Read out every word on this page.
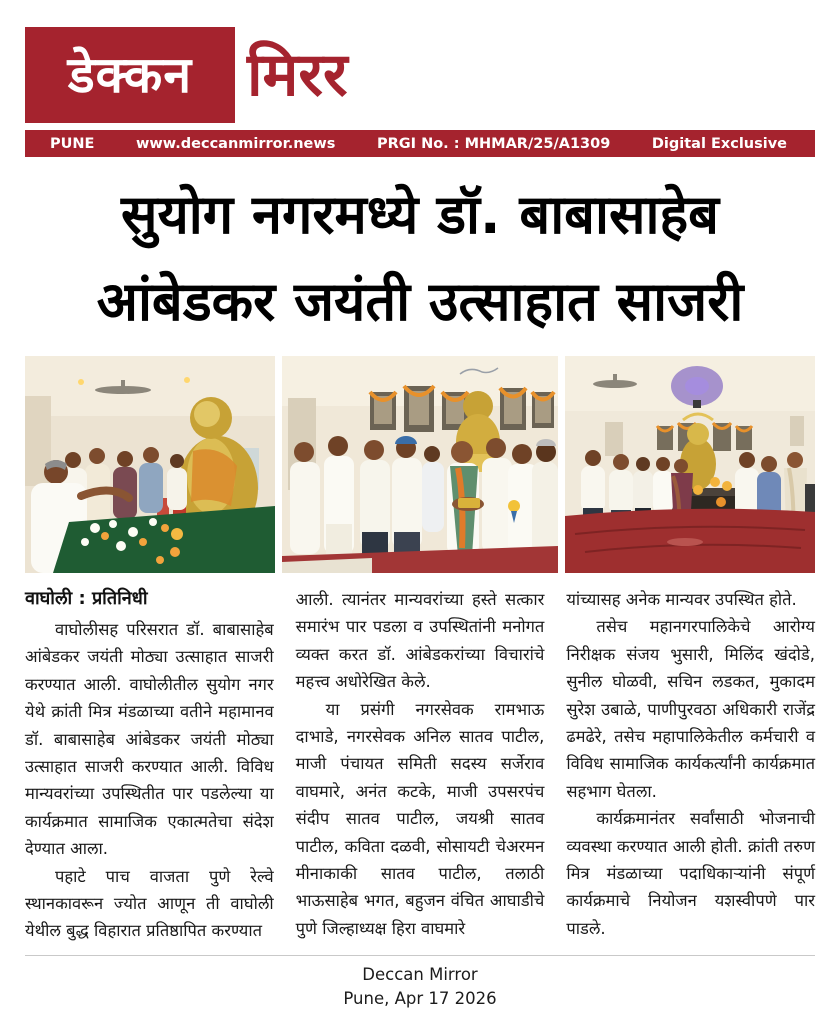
डेक्कन मिरर
PUNE	www.deccanmirror.news	PRGI No. : MHMAR/25/A1309	Digital Exclusive
सुयोग नगरमध्ये डॉ. बाबासाहेब
आंबेडकर जयंती उत्साहात साजरी

वाघोली : प्रतिनिधी

वाघोलीसह परिसरात डॉ. बाबासाहेब आंबेडकर जयंती मोठ्या उत्साहात साजरी करण्यात आली. वाघोलीतील सुयोग नगर येथे क्रांती मित्र मंडळाच्या वतीने महामानव डॉ. बाबासाहेब आंबेडकर जयंती मोठ्या उत्साहात साजरी करण्यात आली. विविध मान्यवरांच्या उपस्थितीत पार पडलेल्या या कार्यक्रमात सामाजिक एकात्मतेचा संदेश देण्यात आला.

पहाटे पाच वाजता पुणे रेल्वे स्थानकावरून ज्योत आणून ती वाघोली येथील बुद्ध विहारात प्रतिष्ठापित करण्यात

आली. त्यानंतर मान्यवरांच्या हस्ते सत्कार समारंभ पार पडला व उपस्थितांनी मनोगत व्यक्त करत डॉ. आंबेडकरांच्या विचारांचे महत्त्व अधोरेखित केले.

या प्रसंगी नगरसेवक रामभाऊ दाभाडे, नगरसेवक अनिल सातव पाटील, माजी पंचायत समिती सदस्य सर्जेराव वाघमारे, अनंत कटके, माजी उपसरपंच संदीप सातव पाटील, जयश्री सातव पाटील, कविता दळवी, सोसायटी चेअरमन मीनाकाकी सातव पाटील, तलाठी भाऊसाहेब भगत, बहुजन वंचित आघाडीचे पुणे जिल्हाध्यक्ष हिरा वाघमारे

यांच्यासह अनेक मान्यवर उपस्थित होते.

तसेच महानगरपालिकेचे आरोग्य निरीक्षक संजय भुसारी, मिलिंद खंदोडे, सुनील घोळवी, सचिन लडकत, मुकादम सुरेश उबाळे, पाणीपुरवठा अधिकारी राजेंद्र ढमढेरे, तसेच महापालिकेतील कर्मचारी व विविध सामाजिक कार्यकर्त्यांनी कार्यक्रमात सहभाग घेतला.

कार्यक्रमानंतर सर्वांसाठी भोजनाची व्यवस्था करण्यात आली होती. क्रांती तरुण मित्र मंडळाच्या पदाधिकाऱ्यांनी संपूर्ण कार्यक्रमाचे नियोजन यशस्वीपणे पार पाडले.

Deccan Mirror
Pune, Apr 17 2026
